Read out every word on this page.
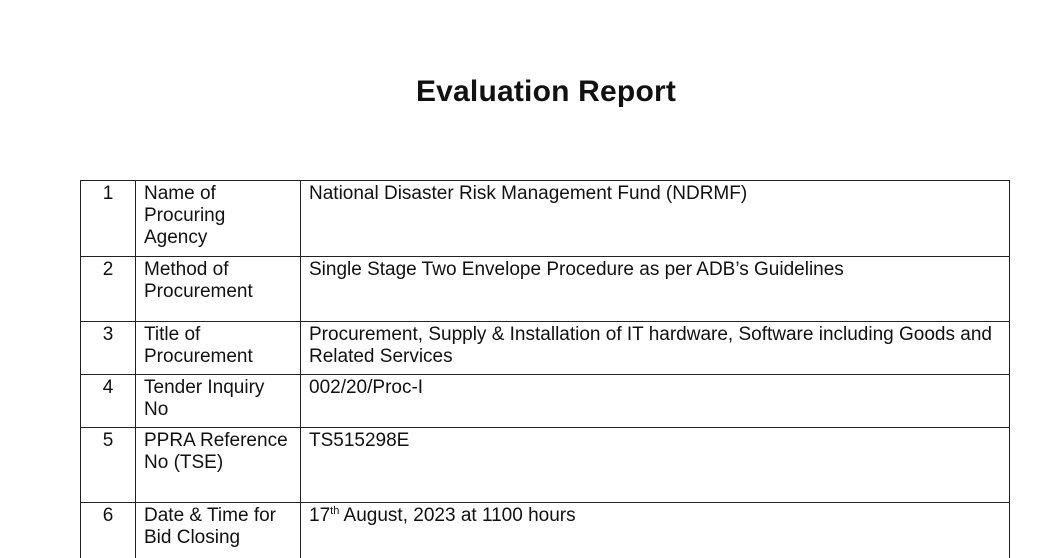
Evaluation Report
1	Name of Procuring Agency	National Disaster Risk Management Fund (NDRMF)
2	Method of Procurement	Single Stage Two Envelope Procedure as per ADB’s Guidelines
3	Title of Procurement	Procurement, Supply & Installation of IT hardware, Software including Goods and Related Services
4	Tender Inquiry No	002/20/Proc-I
5	PPRA Reference No (TSE)	TS515298E
6	Date & Time for Bid Closing	17th August, 2023 at 1100 hours
